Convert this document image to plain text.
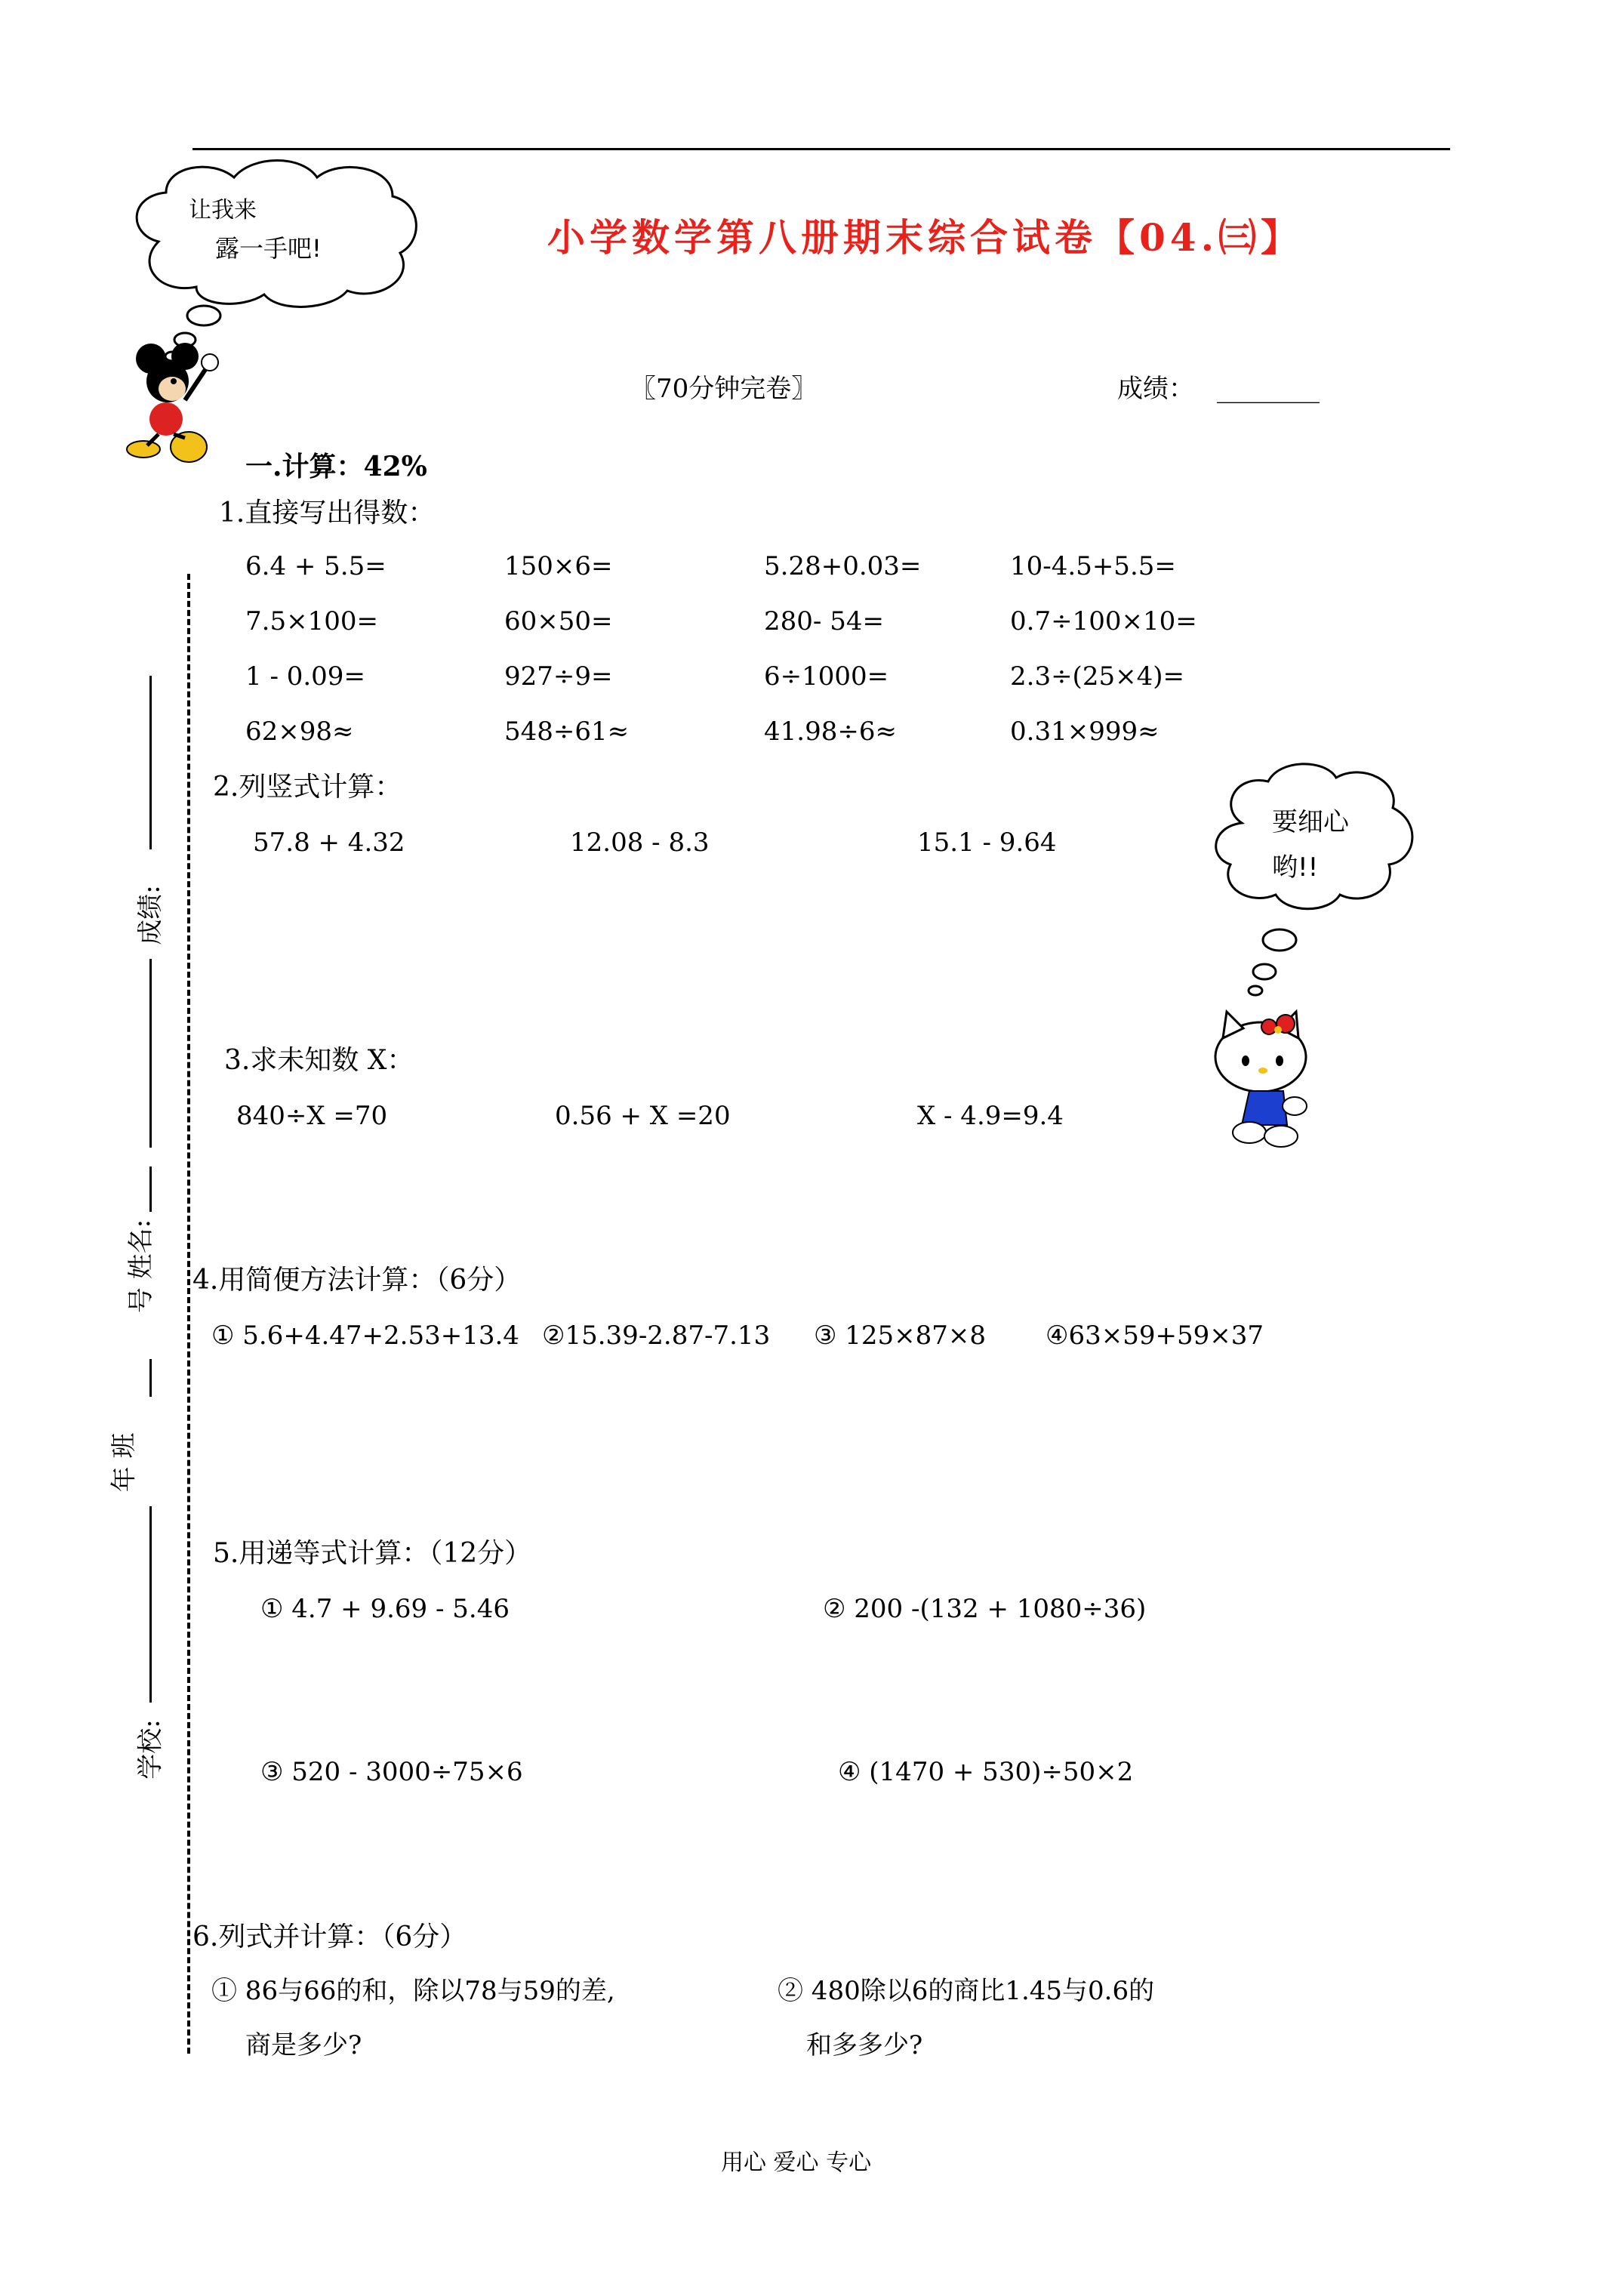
让我来
露一手吧!	小学数学第八册期末综合试卷【04.㈢】
〖70分钟完卷〗	成绩： ________
一.计算：42%
1.直接写出得数：
6.4 + 5.5=	150×6=	5.28+0.03=	10-4.5+5.5=
7.5×100=	60×50=	280- 54=	0.7÷100×10=
1 - 0.09=	927÷9=	6÷1000=	2.3÷(25×4)=
62×98≈	548÷61≈	41.98÷6≈	0.31×999≈
2.列竖式计算：
57.8 + 4.32	12.08 - 8.3	15.1 - 9.64
要细心
哟!!
3.求未知数 X：
840÷X =70	0.56 + X =20	X - 4.9=9.4
4.用简便方法计算：（6分）
① 5.6+4.47+2.53+13.4 ②15.39-2.87-7.13 ③ 125×87×8 ④63×59+59×37
5.用递等式计算：（12分）
① 4.7 + 9.69 - 5.46	② 200 -(132 + 1080÷36)
③ 520 - 3000÷75×6	④ (1470 + 530)÷50×2
6.列式并计算：（6分）
① 86与66的和，除以78与59的差,
商是多少?
② 480除以6的商比1.45与0.6的
和多多少?
成绩:
号 姓名:
年 班
学校:
用心 爱心 专心
